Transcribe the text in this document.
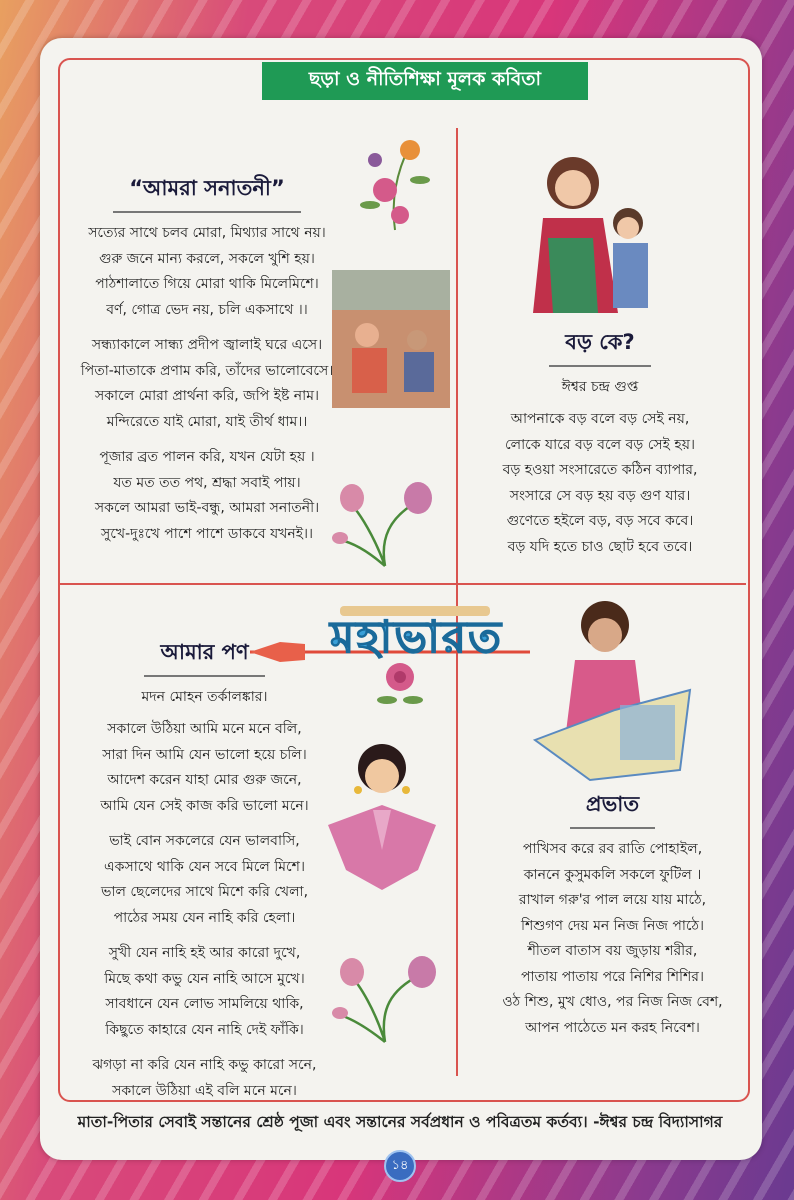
ছড়া ও নীতিশিক্ষা মূলক কবিতা
মহাভারত
“আমরা সনাতনী”
সত্যের সাথে চলব মোরা, মিথ্যার সাথে নয়।
গুরু জনে মান্য করলে, সকলে খুশি হয়।
পাঠশালাতে গিয়ে মোরা থাকি মিলেমিশে।
বর্ণ, গোত্র ভেদ নয়, চলি একসাথে ।।
সন্ধ্যাকালে সান্ধ্য প্রদীপ জ্বালাই ঘরে এসে।
পিতা-মাতাকে প্রণাম করি, তাঁদের ভালোবেসে।
সকালে মোরা প্রার্থনা করি, জপি ইষ্ট নাম।
মন্দিরেতে যাই মোরা, যাই তীর্থ ধাম।।
পূজার ব্রত পালন করি, যখন যেটা হয় ।
যত মত তত পথ, শ্রদ্ধা সবাই পায়।
সকলে আমরা ভাই-বন্ধু, আমরা সনাতনী।
সুখে-দুঃখে পাশে পাশে ডাকবে যখনই।।
বড় কে?
ঈশ্বর চন্দ্র গুপ্ত
আপনাকে বড় বলে বড় সেই নয়,
লোকে যারে বড় বলে বড় সেই হয়।
বড় হওয়া সংসারেতে কঠিন ব্যাপার,
সংসারে সে বড় হয় বড় গুণ যার।
গুণেতে হইলে বড়, বড় সবে কবে।
বড় যদি হতে চাও ছোট হবে তবে।
আমার পণ
মদন মোহন তর্কালঙ্কার।
সকালে উঠিয়া আমি মনে মনে বলি,
সারা দিন আমি যেন ভালো হয়ে চলি।
আদেশ করেন যাহা মোর গুরু জনে,
আমি যেন সেই কাজ করি ভালো মনে।
ভাই বোন সকলেরে যেন ভালবাসি,
একসাথে থাকি যেন সবে মিলে মিশে।
ভাল ছেলেদের সাথে মিশে করি খেলা,
পাঠের সময় যেন নাহি করি হেলা।
সুখী যেন নাহি হই আর কারো দুখে,
মিছে কথা কভু যেন নাহি আসে মুখে।
সাবধানে যেন লোভ সামলিয়ে থাকি,
কিছুতে কাহারে যেন নাহি দেই ফাঁকি।
ঝগড়া না করি যেন নাহি কভু কারো সনে,
সকালে উঠিয়া এই বলি মনে মনে।
প্রভাত
পাখিসব করে রব রাতি পোহাইল,
কাননে কুসুমকলি সকলে ফুটিল ।
রাখাল গরু'র পাল লয়ে যায় মাঠে,
শিশুগণ দেয় মন নিজ নিজ পাঠে।
শীতল বাতাস বয় জুড়ায় শরীর,
পাতায় পাতায় পরে নিশির শিশির।
ওঠ শিশু, মুখ ধোও, পর নিজ নিজ বেশ,
আপন পাঠেতে মন করহ নিবেশ।
মাতা-পিতার সেবাই সন্তানের শ্রেষ্ঠ পূজা এবং সন্তানের সর্বপ্রধান ও পবিত্রতম কর্তব্য। -ঈশ্বর চন্দ্র বিদ্যাসাগর
১৪
